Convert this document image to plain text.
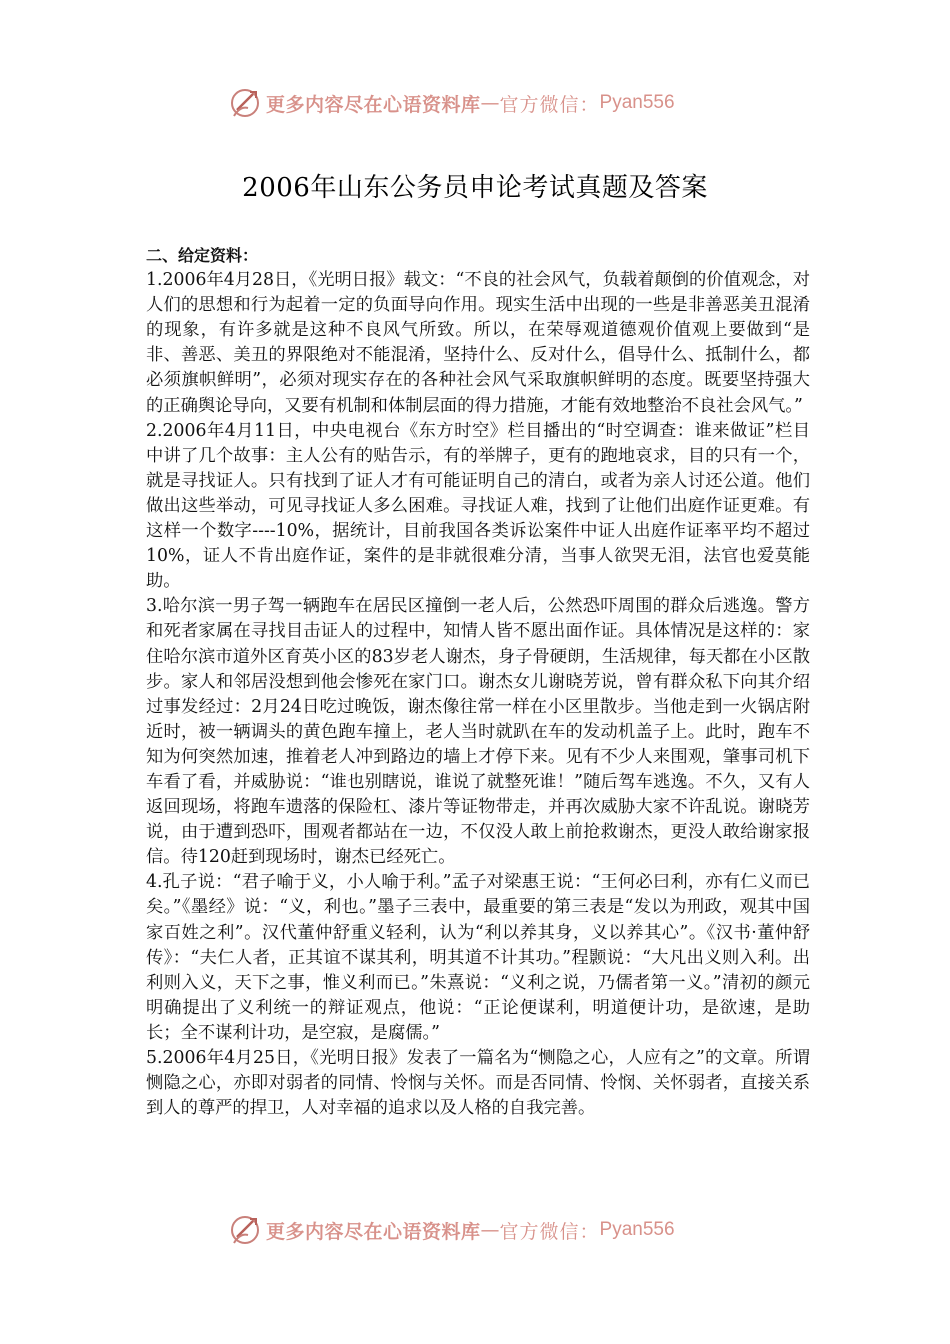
更多内容尽在心语资料库 — 官方微信： Pyan556
2006年山东公务员申论考试真题及答案

二、给定资料：

1.2006年4月28日，《光明日报》载文：“不良的社会风气，负载着颠倒的价值观念，对人们的思想和行为起着一定的负面导向作用。现实生活中出现的一些是非善恶美丑混淆的现象，有许多就是这种不良风气所致。所以，在荣辱观道德观价值观上要做到“是非、善恶、美丑的界限绝对不能混淆，坚持什么、反对什么，倡导什么、抵制什么，都必须旗帜鲜明”，必须对现实存在的各种社会风气采取旗帜鲜明的态度。既要坚持强大的正确舆论导向，又要有机制和体制层面的得力措施，才能有效地整治不良社会风气。”

2.2006年4月11日，中央电视台《东方时空》栏目播出的“时空调查：谁来做证”栏目中讲了几个故事：主人公有的贴告示，有的举牌子，更有的跑地哀求，目的只有一个，就是寻找证人。只有找到了证人才有可能证明自己的清白，或者为亲人讨还公道。他们做出这些举动，可见寻找证人多么困难。寻找证人难，找到了让他们出庭作证更难。有这样一个数字----10%，据统计，目前我国各类诉讼案件中证人出庭作证率平均不超过10%，证人不肯出庭作证，案件的是非就很难分清，当事人欲哭无泪，法官也爱莫能助。

3.哈尔滨一男子驾一辆跑车在居民区撞倒一老人后，公然恐吓周围的群众后逃逸。警方和死者家属在寻找目击证人的过程中，知情人皆不愿出面作证。具体情况是这样的：家住哈尔滨市道外区育英小区的83岁老人谢杰，身子骨硬朗，生活规律，每天都在小区散步。家人和邻居没想到他会惨死在家门口。谢杰女儿谢晓芳说，曾有群众私下向其介绍过事发经过：2月24日吃过晚饭，谢杰像往常一样在小区里散步。当他走到一火锅店附近时，被一辆调头的黄色跑车撞上，老人当时就趴在车的发动机盖子上。此时，跑车不知为何突然加速，推着老人冲到路边的墙上才停下来。见有不少人来围观，肇事司机下车看了看，并威胁说：“谁也别瞎说，谁说了就整死谁！”随后驾车逃逸。不久，又有人返回现场，将跑车遗落的保险杠、漆片等证物带走，并再次威胁大家不许乱说。谢晓芳说，由于遭到恐吓，围观者都站在一边，不仅没人敢上前抢救谢杰，更没人敢给谢家报信。待120赶到现场时，谢杰已经死亡。

4.孔子说：“君子喻于义，小人喻于利。”孟子对梁惠王说：“王何必曰利，亦有仁义而已矣。”《墨经》说：“义，利也。”墨子三表中，最重要的第三表是“发以为刑政，观其中国家百姓之利”。汉代董仲舒重义轻利，认为“利以养其身，义以养其心”。《汉书·董仲舒传》：“夫仁人者，正其谊不谋其利，明其道不计其功。”程颢说：“大凡出义则入利。出利则入义，天下之事，惟义利而已。”朱熹说：“义利之说，乃儒者第一义。”清初的颜元明确提出了义利统一的辩证观点，他说：“正论便谋利，明道便计功，是欲速，是助长；全不谋利计功，是空寂，是腐儒。”

5.2006年4月25日，《光明日报》发表了一篇名为“恻隐之心，人应有之”的文章。所谓恻隐之心，亦即对弱者的同情、怜悯与关怀。而是否同情、怜悯、关怀弱者，直接关系到人的尊严的捍卫，人对幸福的追求以及人格的自我完善。

更多内容尽在心语资料库 — 官方微信： Pyan556
